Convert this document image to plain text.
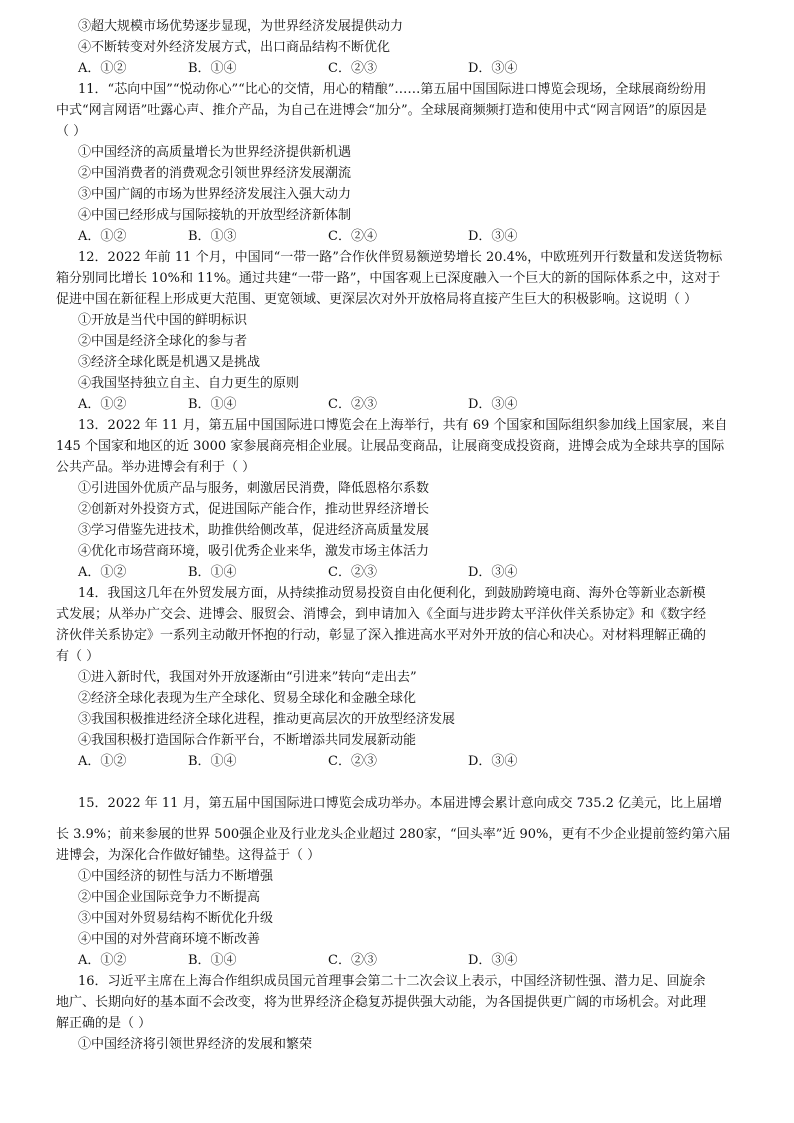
③超大规模市场优势逐步显现，为世界经济发展提供动力
④不断转变对外经济发展方式，出口商品结构不断优化
A．①②	B．①④	C．②③	D．③④
11．“芯向中国”“悦动你心”“比心的交情，用心的精酿”……第五届中国国际进口博览会现场，全球展商纷纷用
中式“网言网语”吐露心声、推介产品，为自己在进博会“加分”。全球展商频频打造和使用中式“网言网语”的原因是
（ ）
①中国经济的高质量增长为世界经济提供新机遇
②中国消费者的消费观念引领世界经济发展潮流
③中国广阔的市场为世界经济发展注入强大动力
④中国已经形成与国际接轨的开放型经济新体制
A．①②	B．①③	C．②④	D．③④
12．2022 年前 11 个月，中国同“一带一路”合作伙伴贸易额逆势增长 20.4%，中欧班列开行数量和发送货物标
箱分别同比增长 10%和 11%。通过共建“一带一路”，中国客观上已深度融入一个巨大的新的国际体系之中，这对于
促进中国在新征程上形成更大范围、更宽领域、更深层次对外开放格局将直接产生巨大的积极影响。这说明（ ）
①开放是当代中国的鲜明标识
②中国是经济全球化的参与者
③经济全球化既是机遇又是挑战
④我国坚持独立自主、自力更生的原则
A．①②	B．①④	C．②③	D．③④
13．2022 年 11 月，第五届中国国际进口博览会在上海举行，共有 69 个国家和国际组织参加线上国家展，来自
145 个国家和地区的近 3000 家参展商亮相企业展。让展品变商品，让展商变成投资商，进博会成为全球共享的国际
公共产品。举办进博会有利于（ ）
①引进国外优质产品与服务，刺激居民消费，降低恩格尔系数
②创新对外投资方式，促进国际产能合作，推动世界经济增长
③学习借鉴先进技术，助推供给侧改革，促进经济高质量发展
④优化市场营商环境，吸引优秀企业来华，激发市场主体活力
A．①②	B．①④	C．②③	D．③④
14．我国这几年在外贸发展方面，从持续推动贸易投资自由化便利化，到鼓励跨境电商、海外仓等新业态新模
式发展；从举办广交会、进博会、服贸会、消博会，到申请加入《全面与进步跨太平洋伙伴关系协定》和《数字经
济伙伴关系协定》一系列主动敞开怀抱的行动，彰显了深入推进高水平对外开放的信心和决心。对材料理解正确的
有（ ）
①进入新时代，我国对外开放逐渐由“引进来”转向“走出去”
②经济全球化表现为生产全球化、贸易全球化和金融全球化
③我国积极推进经济全球化进程，推动更高层次的开放型经济发展
④我国积极打造国际合作新平台，不断增添共同发展新动能
A．①②	B．①④	C．②③	D．③④
15．2022 年 11 月，第五届中国国际进口博览会成功举办。本届进博会累计意向成交 735.2 亿美元，比上届增
长 3.9%；前来参展的世界 500强企业及行业龙头企业超过 280家，“回头率”近 90%，更有不少企业提前签约第六届
进博会，为深化合作做好铺垫。这得益于（ ）
①中国经济的韧性与活力不断增强
②中国企业国际竞争力不断提高
③中国对外贸易结构不断优化升级
④中国的对外营商环境不断改善
A．①②	B．①④	C．②③	D．③④
16．习近平主席在上海合作组织成员国元首理事会第二十二次会议上表示，中国经济韧性强、潜力足、回旋余
地广、长期向好的基本面不会改变，将为世界经济企稳复苏提供强大动能，为各国提供更广阔的市场机会。对此理
解正确的是（ ）
①中国经济将引领世界经济的发展和繁荣
